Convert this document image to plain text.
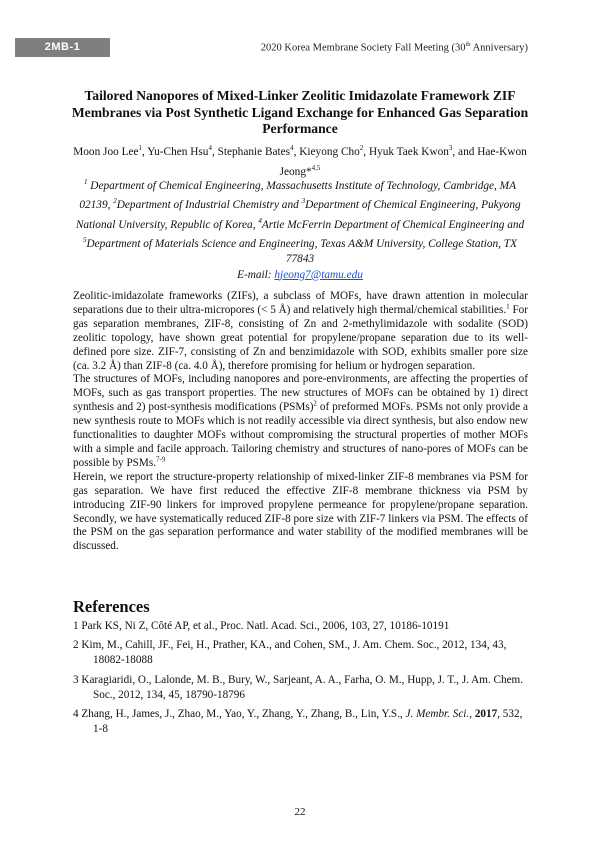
2MB-1	2020 Korea Membrane Society Fall Meeting (30th Anniversary)
Tailored Nanopores of Mixed-Linker Zeolitic Imidazolate Framework ZIF Membranes via Post Synthetic Ligand Exchange for Enhanced Gas Separation Performance
Moon Joo Lee$^1$, Yu-Chen Hsu$^4$, Stephanie Bates$^4$, Kieyong Cho$^2$, Hyuk Taek Kwon$^3$, and Hae-Kwon Jeong*$^{4,5}$
$^1$ Department of Chemical Engineering, Massachusetts Institute of Technology, Cambridge, MA 02139, $^2$Department of Industrial Chemistry and $^3$Department of Chemical Engineering, Pukyong National University, Republic of Korea, $^4$Artie McFerrin Department of Chemical Engineering and $^5$Department of Materials Science and Engineering, Texas A&M University, College Station, TX 77843
E-mail: hjeong7@tamu.edu

Zeolitic-imidazolate frameworks (ZIFs), a subclass of MOFs, have drawn attention in molecular separations due to their ultra-micropores (< 5 Å) and relatively high thermal/chemical stabilities.$^1$ For gas separation membranes, ZIF-8, consisting of Zn and 2-methylimidazole with sodalite (SOD) zeolitic topology, have shown great potential for propylene/propane separation due to its well-defined pore size. ZIF-7, consisting of Zn and benzimidazole with SOD, exhibits smaller pore size (ca. 3.2 Å) than ZIF-8 (ca. 4.0 Å), therefore promising for helium or hydrogen separation.

The structures of MOFs, including nanopores and pore-environments, are affecting the properties of MOFs, such as gas transport properties. The new structures of MOFs can be obtained by 1) direct synthesis and 2) post-synthesis modifications (PSMs)$^2$ of preformed MOFs. PSMs not only provide a new synthesis route to MOFs which is not readily accessible via direct synthesis, but also endow new functionalities to daughter MOFs without compromising the structural properties of mother MOFs with a simple and facile approach. Tailoring chemistry and structures of nano-pores of MOFs can be possible by PSMs.$^{7-9}$

Herein, we report the structure-property relationship of mixed-linker ZIF-8 membranes via PSM for gas separation. We have first reduced the effective ZIF-8 membrane thickness via PSM by introducing ZIF-90 linkers for improved propylene permeance for propylene/propane separation. Secondly, we have systematically reduced ZIF-8 pore size with ZIF-7 linkers via PSM. The effects of the PSM on the gas separation performance and water stability of the modified membranes will be discussed.

References
1 Park KS, Ni Z, Côté AP, et al., Proc. Natl. Acad. Sci., 2006, 103, 27, 10186-10191
2 Kim, M., Cahill, JF., Fei, H., Prather, KA., and Cohen, SM., J. Am. Chem. Soc., 2012, 134, 43, 18082-18088
3 Karagiaridi, O., Lalonde, M. B., Bury, W., Sarjeant, A. A., Farha, O. M., Hupp, J. T., J. Am. Chem. Soc., 2012, 134, 45, 18790-18796
4 Zhang, H., James, J., Zhao, M., Yao, Y., Zhang, Y., Zhang, B., Lin, Y.S., J. Membr. Sci., 2017, 532, 1-8
22
